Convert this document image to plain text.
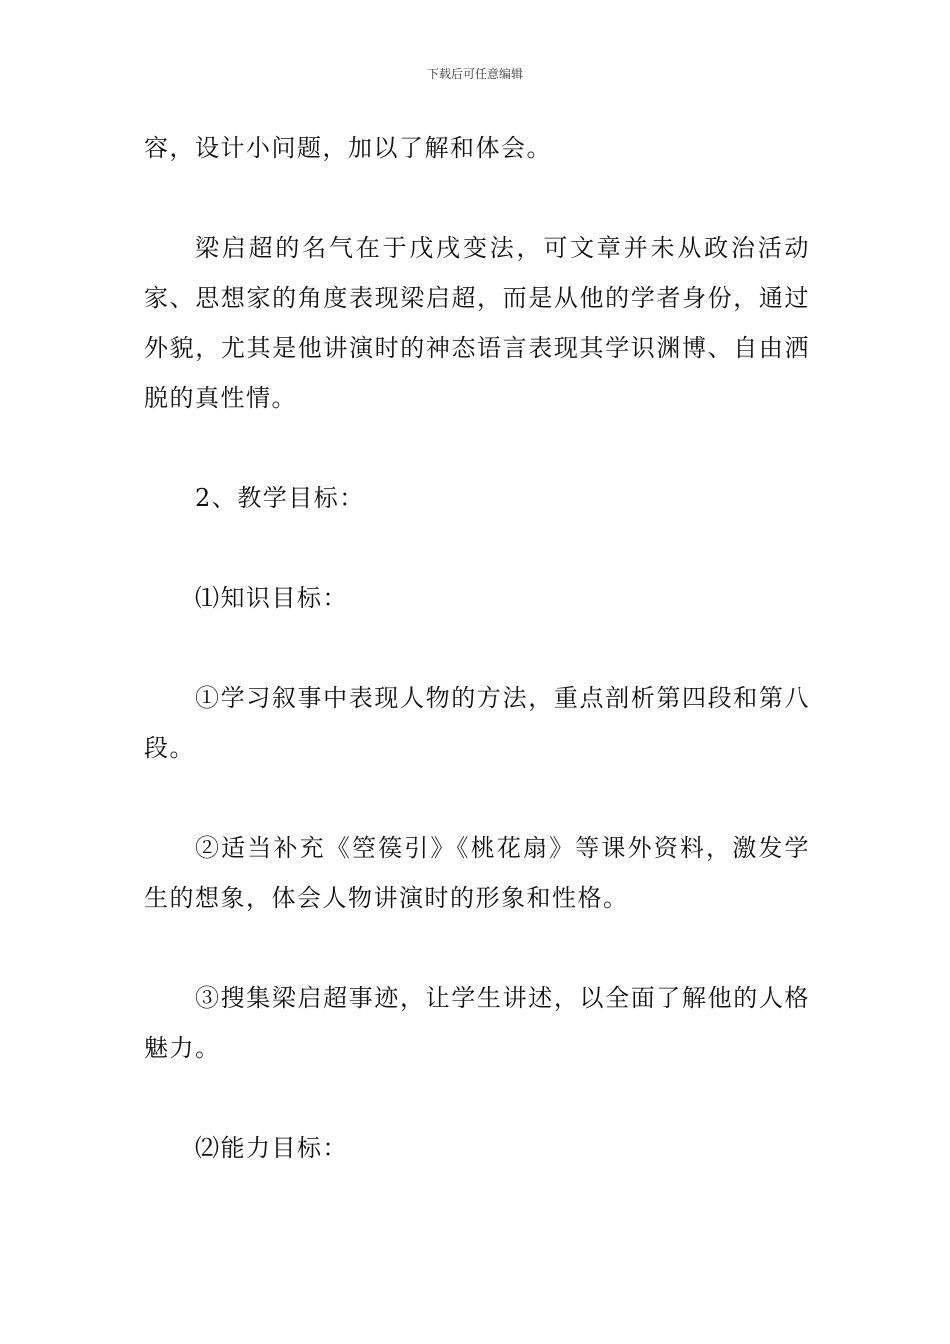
下载后可任意编辑

容，设计小问题，加以了解和体会。

梁启超的名气在于戊戌变法，可文章并未从政治活动家、思想家的角度表现梁启超，而是从他的学者身份，通过外貌，尤其是他讲演时的神态语言表现其学识渊博、自由洒脱的真性情。

2、教学目标：

⑴知识目标：

①学习叙事中表现人物的方法，重点剖析第四段和第八段。

②适当补充《箜篌引》《桃花扇》等课外资料，激发学生的想象，体会人物讲演时的形象和性格。

③搜集梁启超事迹，让学生讲述，以全面了解他的人格魅力。

⑵能力目标：
